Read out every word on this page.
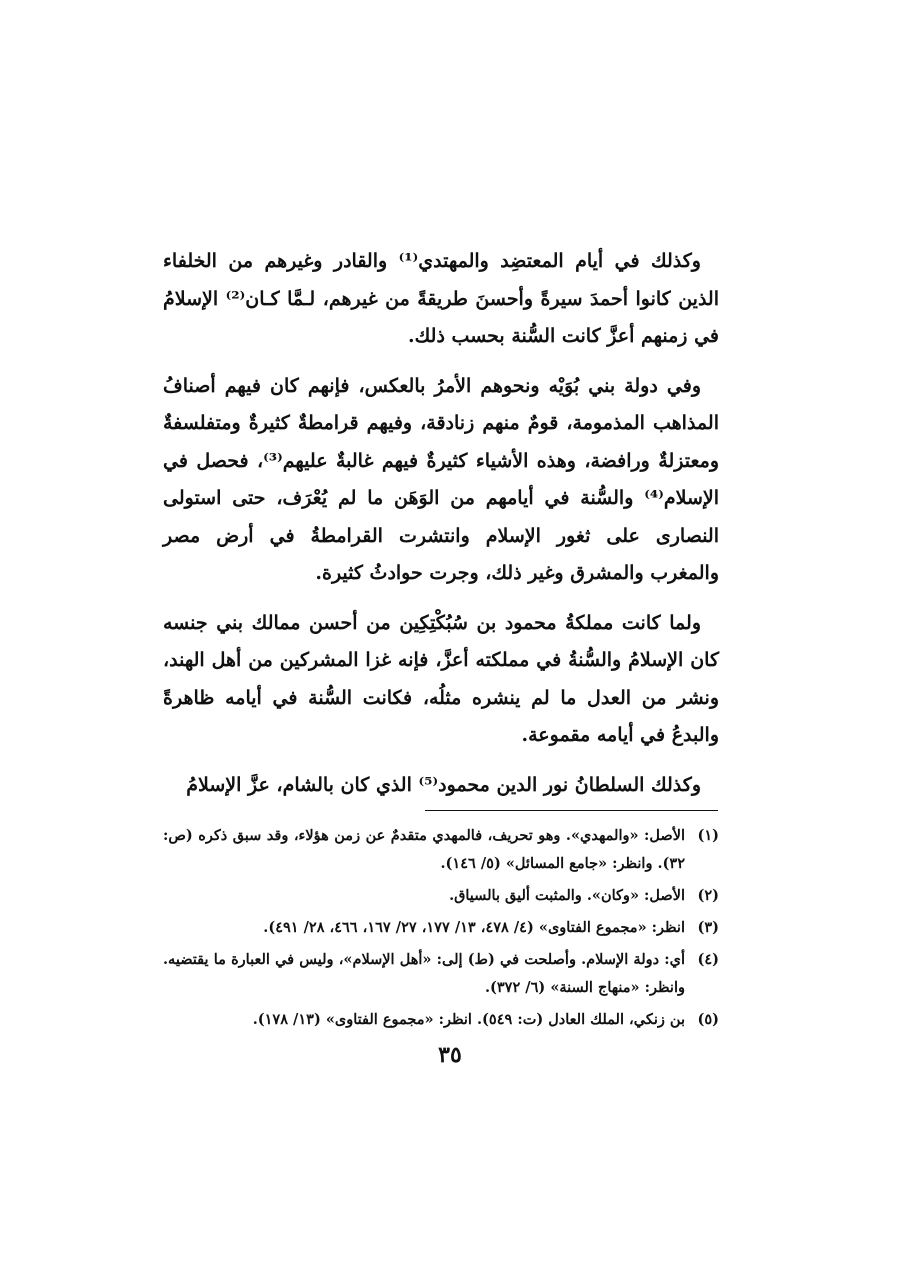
وكذلك في أيام المعتضِد والمهتدي⁽¹⁾ والقادر وغيرهم من الخلفاء الذين كانوا أحمدَ سيرةً وأحسنَ طريقةً من غيرهم، لـمَّا كـان⁽²⁾ الإسلامُ في زمنهم أعزَّ كانت السُّنة بحسب ذلك.

وفي دولة بني بُوَيْه ونحوهم الأمرُ بالعكس، فإنهم كان فيهم أصنافُ المذاهب المذمومة، قومٌ منهم زنادقة، وفيهم قرامطةٌ كثيرةٌ ومتفلسفةٌ ومعتزلةٌ ورافضة، وهذه الأشياء كثيرةٌ فيهم غالبةٌ عليهم⁽³⁾، فحصل في الإسلام⁽⁴⁾ والسُّنة في أيامهم من الوَهَن ما لم يُعْرَف، حتى استولى النصارى على ثغور الإسلام وانتشرت القرامطةُ في أرض مصر والمغرب والمشرق وغير ذلك، وجرت حوادثُ كثيرة.

ولما كانت مملكةُ محمود بن سُبُكْتِكِين من أحسن ممالك بني جنسه كان الإسلامُ والسُّنةُ في مملكته أعزَّ، فإنه غزا المشركين من أهل الهند، ونشر من العدل ما لم ينشره مثلُه، فكانت السُّنة في أيامه ظاهرةً والبدعُ في أيامه مقموعة.

وكذلك السلطانُ نور الدين محمود⁽⁵⁾ الذي كان بالشام، عزَّ الإسلامُ

(١)
الأصل: «والمهدي». وهو تحريف، فالمهدي متقدمٌ عن زمن هؤلاء، وقد سبق ذكره (ص: ٣٢). وانظر: «جامع المسائل» (٥/ ١٤٦).
(٢)
الأصل: «وكان». والمثبت أليق بالسياق.
(٣)
انظر: «مجموع الفتاوى» (٤/ ٤٧٨، ١٣/ ١٧٧، ٢٧/ ١٦٧، ٤٦٦، ٢٨/ ٤٩١).
(٤)
أي: دولة الإسلام. وأصلحت في (ط) إلى: «أهل الإسلام»، وليس في العبارة ما يقتضيه. وانظر: «منهاج السنة» (٦/ ٣٧٢).
(٥)
بن زنكي، الملك العادل (ت: ٥٤٩). انظر: «مجموع الفتاوى» (١٣/ ١٧٨).
٣٥
